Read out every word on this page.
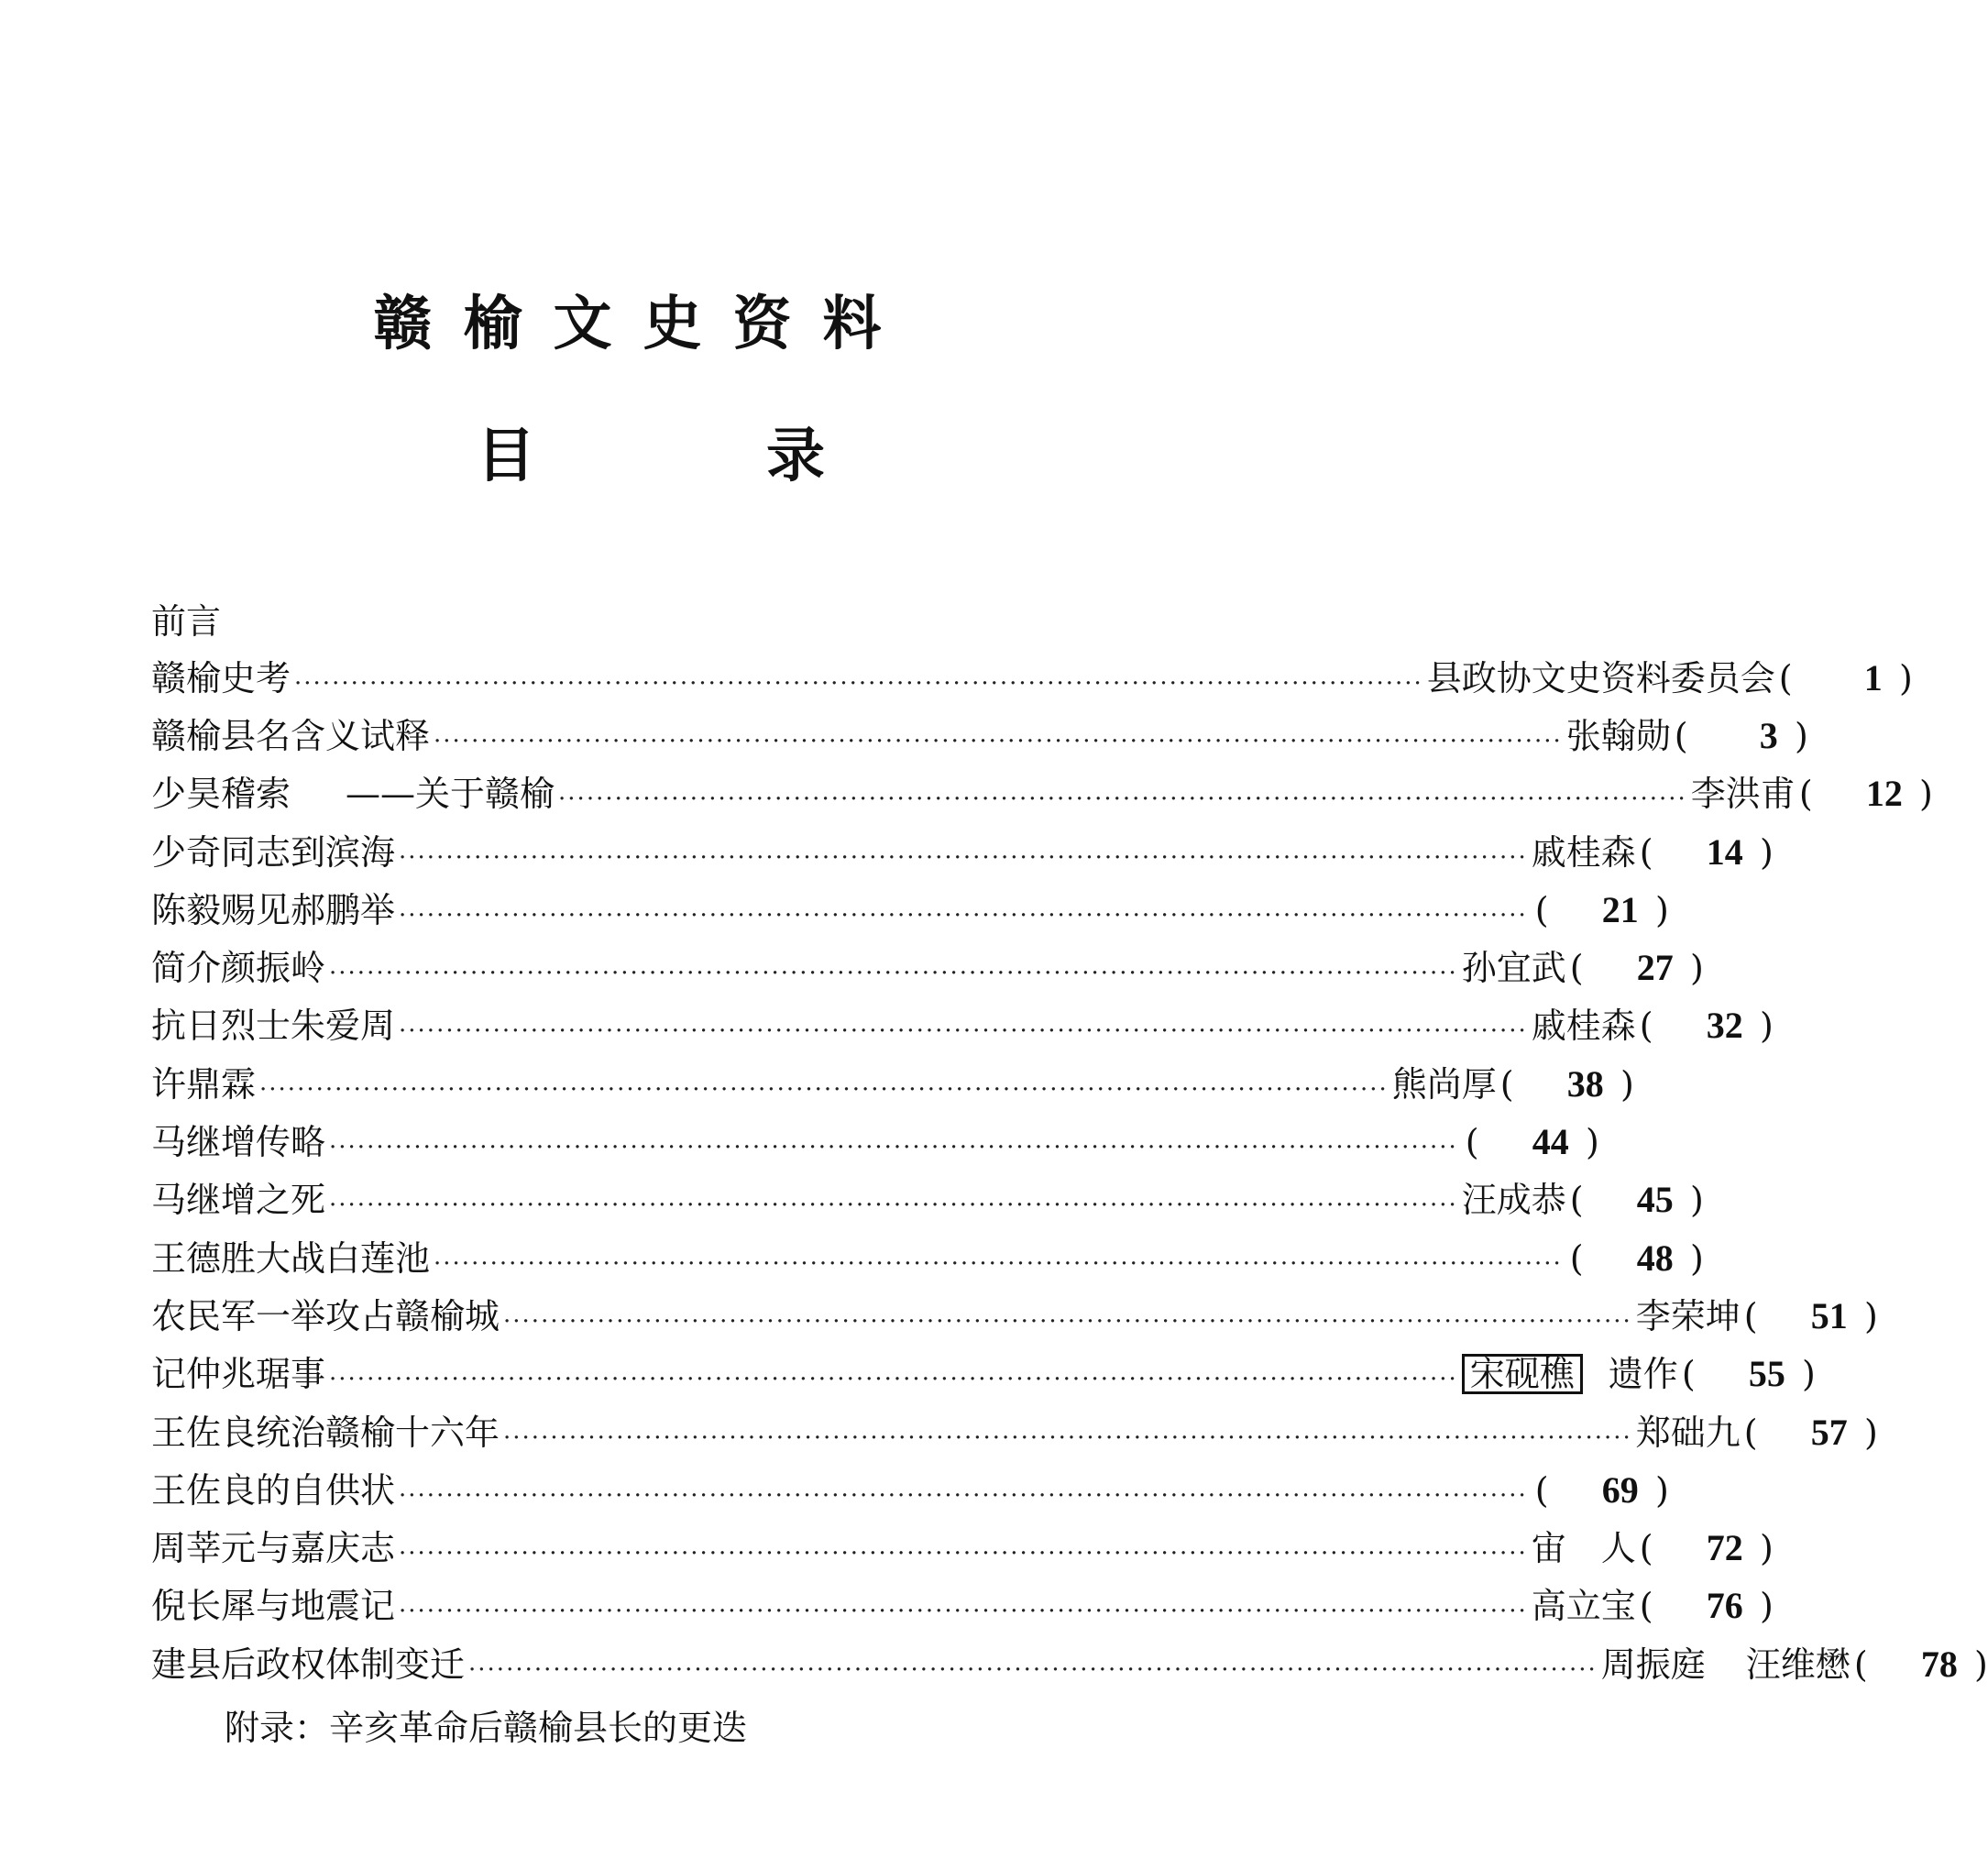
赣榆文史资料
目	录
前言
赣榆史考 ························································································································ 县政协文史资料委员会 (	1 )
赣榆县名含义试释 ························································································································ 张翰勋 (	3 )
少昊稽索 ——关于赣榆 ························································································································ 李洪甫 (	12 )
少奇同志到滨海 ························································································································ 戚桂森 (	14 )
陈毅赐见郝鹏举 ························································································································ (	21 )
简介颜振岭 ························································································································ 孙宜武 (	27 )
抗日烈士朱爱周 ························································································································ 戚桂森 (	32 )
许鼎霖 ························································································································ 熊尚厚 (	38 )
马继增传略 ························································································································ (	44 )
马继增之死 ························································································································ 汪成恭 (	45 )
王德胜大战白莲池 ························································································································ (	48 )
农民军一举攻占赣榆城 ························································································································ 李荣坤 (	51 )
记仲兆琚事 ························································································································ 宋砚樵 遗作 (	55 )
王佐良统治赣榆十六年 ························································································································ 郑础九 (	57 )
王佐良的自供状 ························································································································ (	69 )
周莘元与嘉庆志 ························································································································ 宙　人 (	72 )
倪长犀与地震记 ························································································································ 高立宝 (	76 )
建县后政权体制变迁 ························································································································ 周振庭 汪维懋 (	78 )
附录：辛亥革命后赣榆县长的更迭
